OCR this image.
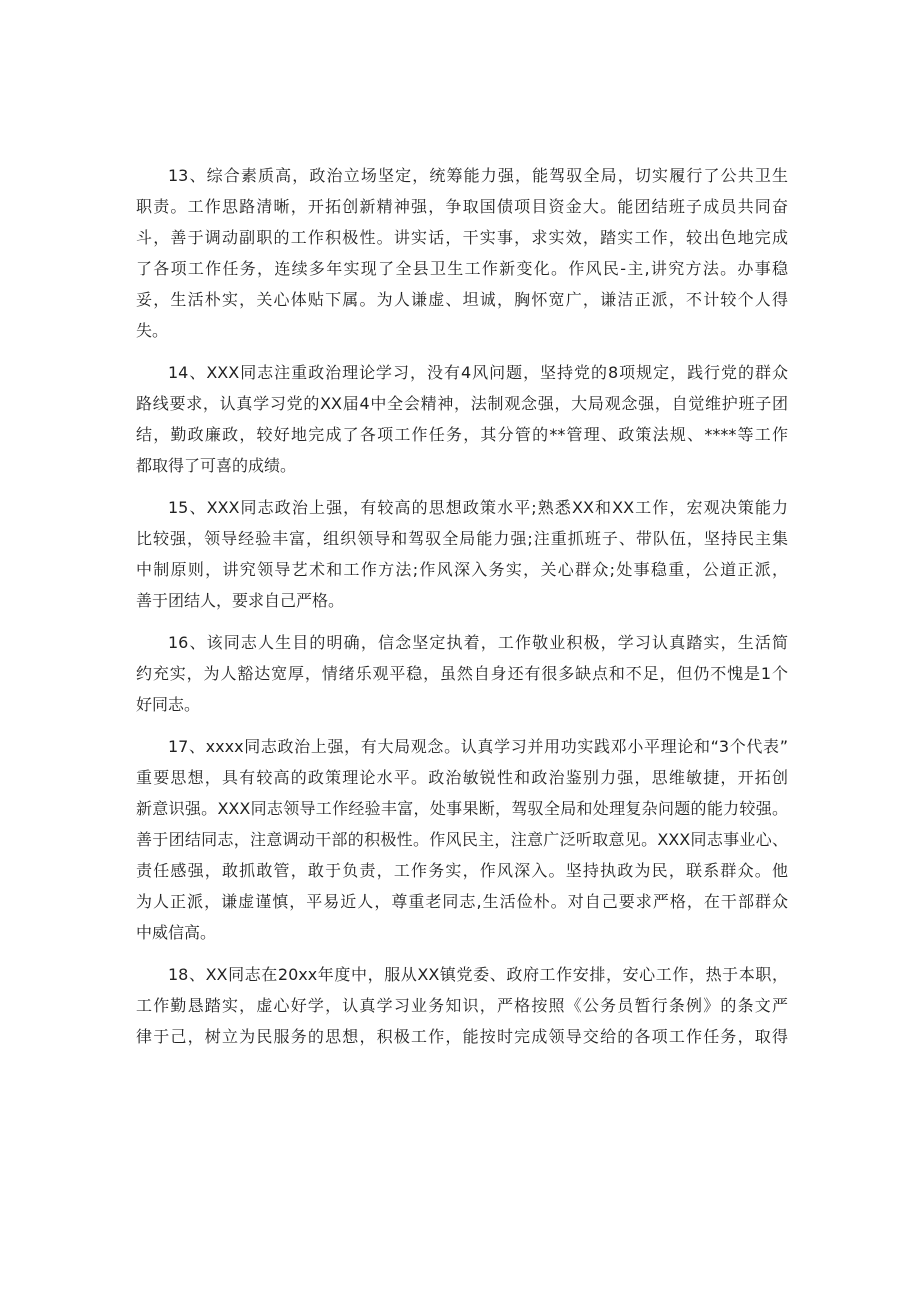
13、综合素质高，政治立场坚定，统筹能力强，能驾驭全局，切实履行了公共卫生
职责。工作思路清晰，开拓创新精神强，争取国债项目资金大。能团结班子成员共同奋
斗，善于调动副职的工作积极性。讲实话，干实事，求实效，踏实工作，较出色地完成
了各项工作任务，连续多年实现了全县卫生工作新变化。作风民-主,讲究方法。办事稳
妥，生活朴实，关心体贴下属。为人谦虚、坦诚，胸怀宽广，谦洁正派，不计较个人得
失。

14、XXX同志注重政治理论学习，没有4风问题，坚持党的8项规定，践行党的群众
路线要求，认真学习党的XX届4中全会精神，法制观念强，大局观念强，自觉维护班子团
结，勤政廉政，较好地完成了各项工作任务，其分管的**管理、政策法规、****等工作
都取得了可喜的成绩。

15、XXX同志政治上强，有较高的思想政策水平;熟悉XX和XX工作，宏观决策能力
比较强，领导经验丰富，组织领导和驾驭全局能力强;注重抓班子、带队伍，坚持民主集
中制原则，讲究领导艺术和工作方法;作风深入务实，关心群众;处事稳重，公道正派，
善于团结人，要求自己严格。

16、该同志人生目的明确，信念坚定执着，工作敬业积极，学习认真踏实，生活简
约充实，为人豁达宽厚，情绪乐观平稳，虽然自身还有很多缺点和不足，但仍不愧是1个
好同志。

17、xxxx同志政治上强，有大局观念。认真学习并用功实践邓小平理论和“3个代表”
重要思想，具有较高的政策理论水平。政治敏锐性和政治鉴别力强，思维敏捷，开拓创
新意识强。XXX同志领导工作经验丰富，处事果断，驾驭全局和处理复杂问题的能力较强。
善于团结同志，注意调动干部的积极性。作风民主，注意广泛听取意见。XXX同志事业心、
责任感强，敢抓敢管，敢于负责，工作务实，作风深入。坚持执政为民，联系群众。他
为人正派，谦虚谨慎，平易近人，尊重老同志,生活俭朴。对自己要求严格，在干部群众
中威信高。

18、XX同志在20xx年度中，服从XX镇党委、政府工作安排，安心工作，热于本职，
工作勤恳踏实，虚心好学，认真学习业务知识，严格按照《公务员暂行条例》的条文严
律于己，树立为民服务的思想，积极工作，能按时完成领导交给的各项工作任务，取得
